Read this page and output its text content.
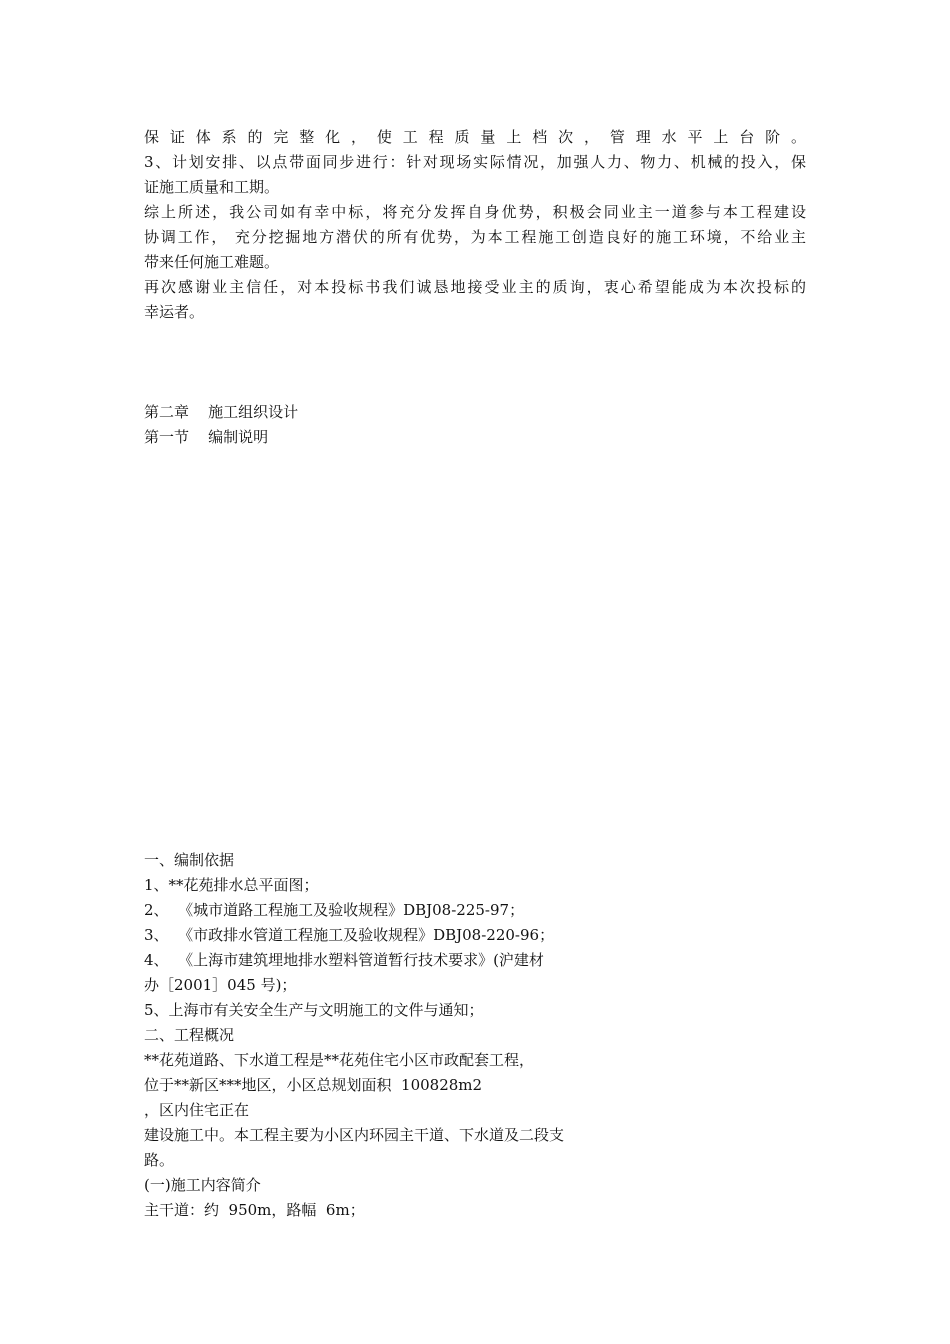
保证体系的完整化，使工程质量上档次，管理水平上台阶。
3、计划安排、以点带面同步进行：针对现场实际情况，加强人力、物力、机械的投入，保
证施工质量和工期。
综上所述，我公司如有幸中标，将充分发挥自身优势，积极会同业主一道参与本工程建设
协调工作， 充分挖掘地方潜伏的所有优势，为本工程施工创造良好的施工环境，不给业主
带来任何施工难题。
再次感谢业主信任，对本投标书我们诚恳地接受业主的质询，衷心希望能成为本次投标的
幸运者。
第二章    施工组织设计
第一节    编制说明
一、编制依据
1、**花苑排水总平面图；
2、  《城市道路工程施工及验收规程》DBJ08-225-97；
3、  《市政排水管道工程施工及验收规程》DBJ08-220-96；
4、  《上海市建筑埋地排水塑料管道暂行技术要求》(沪建材
办［2001］045 号)；
5、上海市有关安全生产与文明施工的文件与通知；
二、工程概况
**花苑道路、下水道工程是**花苑住宅小区市政配套工程，
位于**新区***地区，小区总规划面积  100828m2
，区内住宅正在
建设施工中。本工程主要为小区内环园主干道、下水道及二段支
路。
(一)施工内容简介
主干道：约  950m，路幅  6m；
